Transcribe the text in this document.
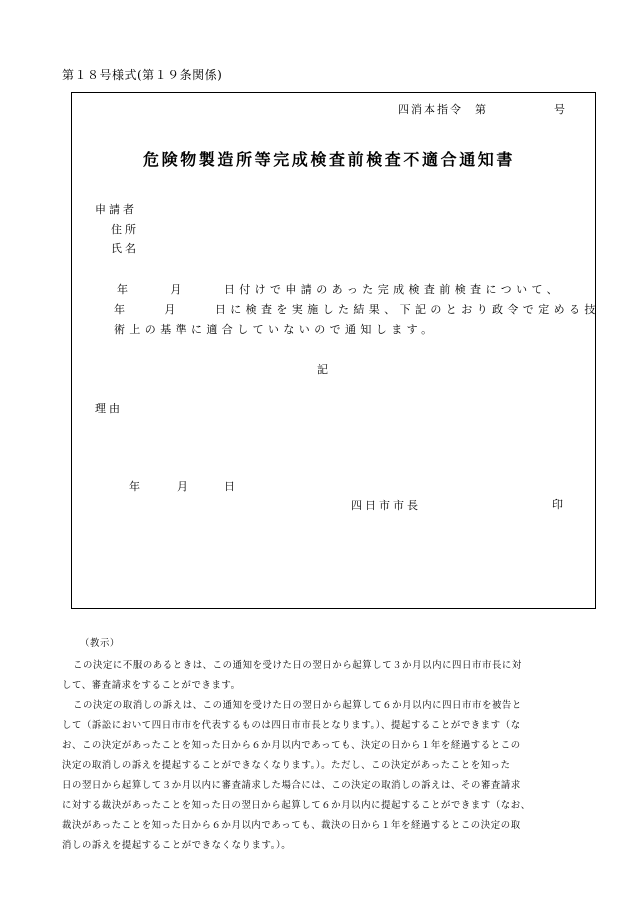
第１８号様式(第１９条関係)
四消本指令 第	号
危険物製造所等完成検査前検査不適合通知書
申請者
住所
氏名
年	月	日付けで申請のあった完成検査前検査について、
年	月	日に検査を実施した結果、下記のとおり政令で定める技
術上の基準に適合していないので通知します。
記
理由
年	月	日
四日市市長	印
（教示）
この決定に不服のあるときは、この通知を受けた日の翌日から起算して３か月以内に四日市市長に対
して、審査請求をすることができます。
この決定の取消しの訴えは、この通知を受けた日の翌日から起算して６か月以内に四日市市を被告と
して（訴訟において四日市市を代表するものは四日市市長となります。）、提起することができます（な
お、この決定があったことを知った日から６か月以内であっても、決定の日から１年を経過するとこの
決定の取消しの訴えを提起することができなくなります。）。ただし、この決定があったことを知った
日の翌日から起算して３か月以内に審査請求した場合には、この決定の取消しの訴えは、その審査請求
に対する裁決があったことを知った日の翌日から起算して６か月以内に提起することができます（なお、
裁決があったことを知った日から６か月以内であっても、裁決の日から１年を経過するとこの決定の取
消しの訴えを提起することができなくなります。）。
